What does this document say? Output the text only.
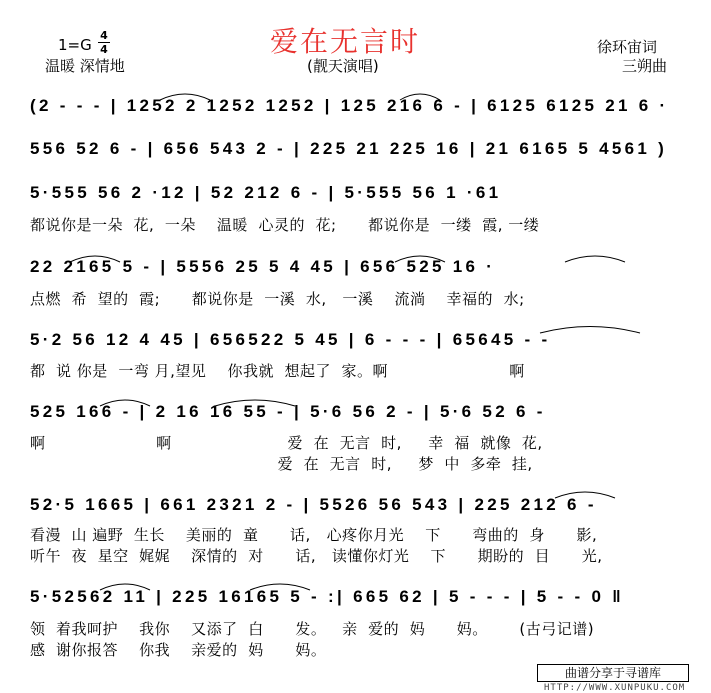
爱在无言时
1=G
4
4
温暖 深情地	(靓天演唱)
徐环宙词
三朔曲
(2 - - - | 1252 2 1252 1252 | 125 216 6 - | 6125 6125 21 6 ·
556 52 6 - | 656 543 2 - | 225 21 225 16 | 21 6165 5 4561 )
5·555 56 2 ·12 | 52 212 6 - | 5·555 56 1 ·61
都说你是一朵  花,  一朵    温暖  心灵的  花;      都说你是  一缕  霞, 一缕
22 2165 5 - | 5556 25 5 4 45 | 656 525 16 ·
点燃  希  望的  霞;      都说你是  一溪  水,   一溪    流淌    幸福的  水;
5·2 56 12 4 45 | 656522 5 45 | 6 - - - | 65645 - -
都  说 你是  一弯 月,望见    你我就  想起了  家。啊                       啊
525 166 - | 2 16 16 55 - | 5·6 56 2 - | 5·6 52 6 -
啊                     啊                      爱  在  无言  时,     幸  福  就像  花,
爱  在  无言  时,     梦  中  多牵  挂,
52·5 1665 | 661 2321 2 - | 5526 56 543 | 225 212 6 -
看漫  山 遍野  生长    美丽的  童      话,   心疼你月光    下      弯曲的  身      影,
听午  夜  星空  娓娓    深情的  对      话,   读懂你灯光    下      期盼的  目      光,
5·52562 11 | 225 16165 5 - :| 665 62 | 5 - - - | 5 - - 0 ‖
领  着我呵护    我你    又添了  白      发。   亲  爱的  妈      妈。      (古弓记谱)
感  谢你报答    你我    亲爱的  妈      妈。
曲谱分享于寻谱库
HTTP://WWW.XUNPUKU.COM
